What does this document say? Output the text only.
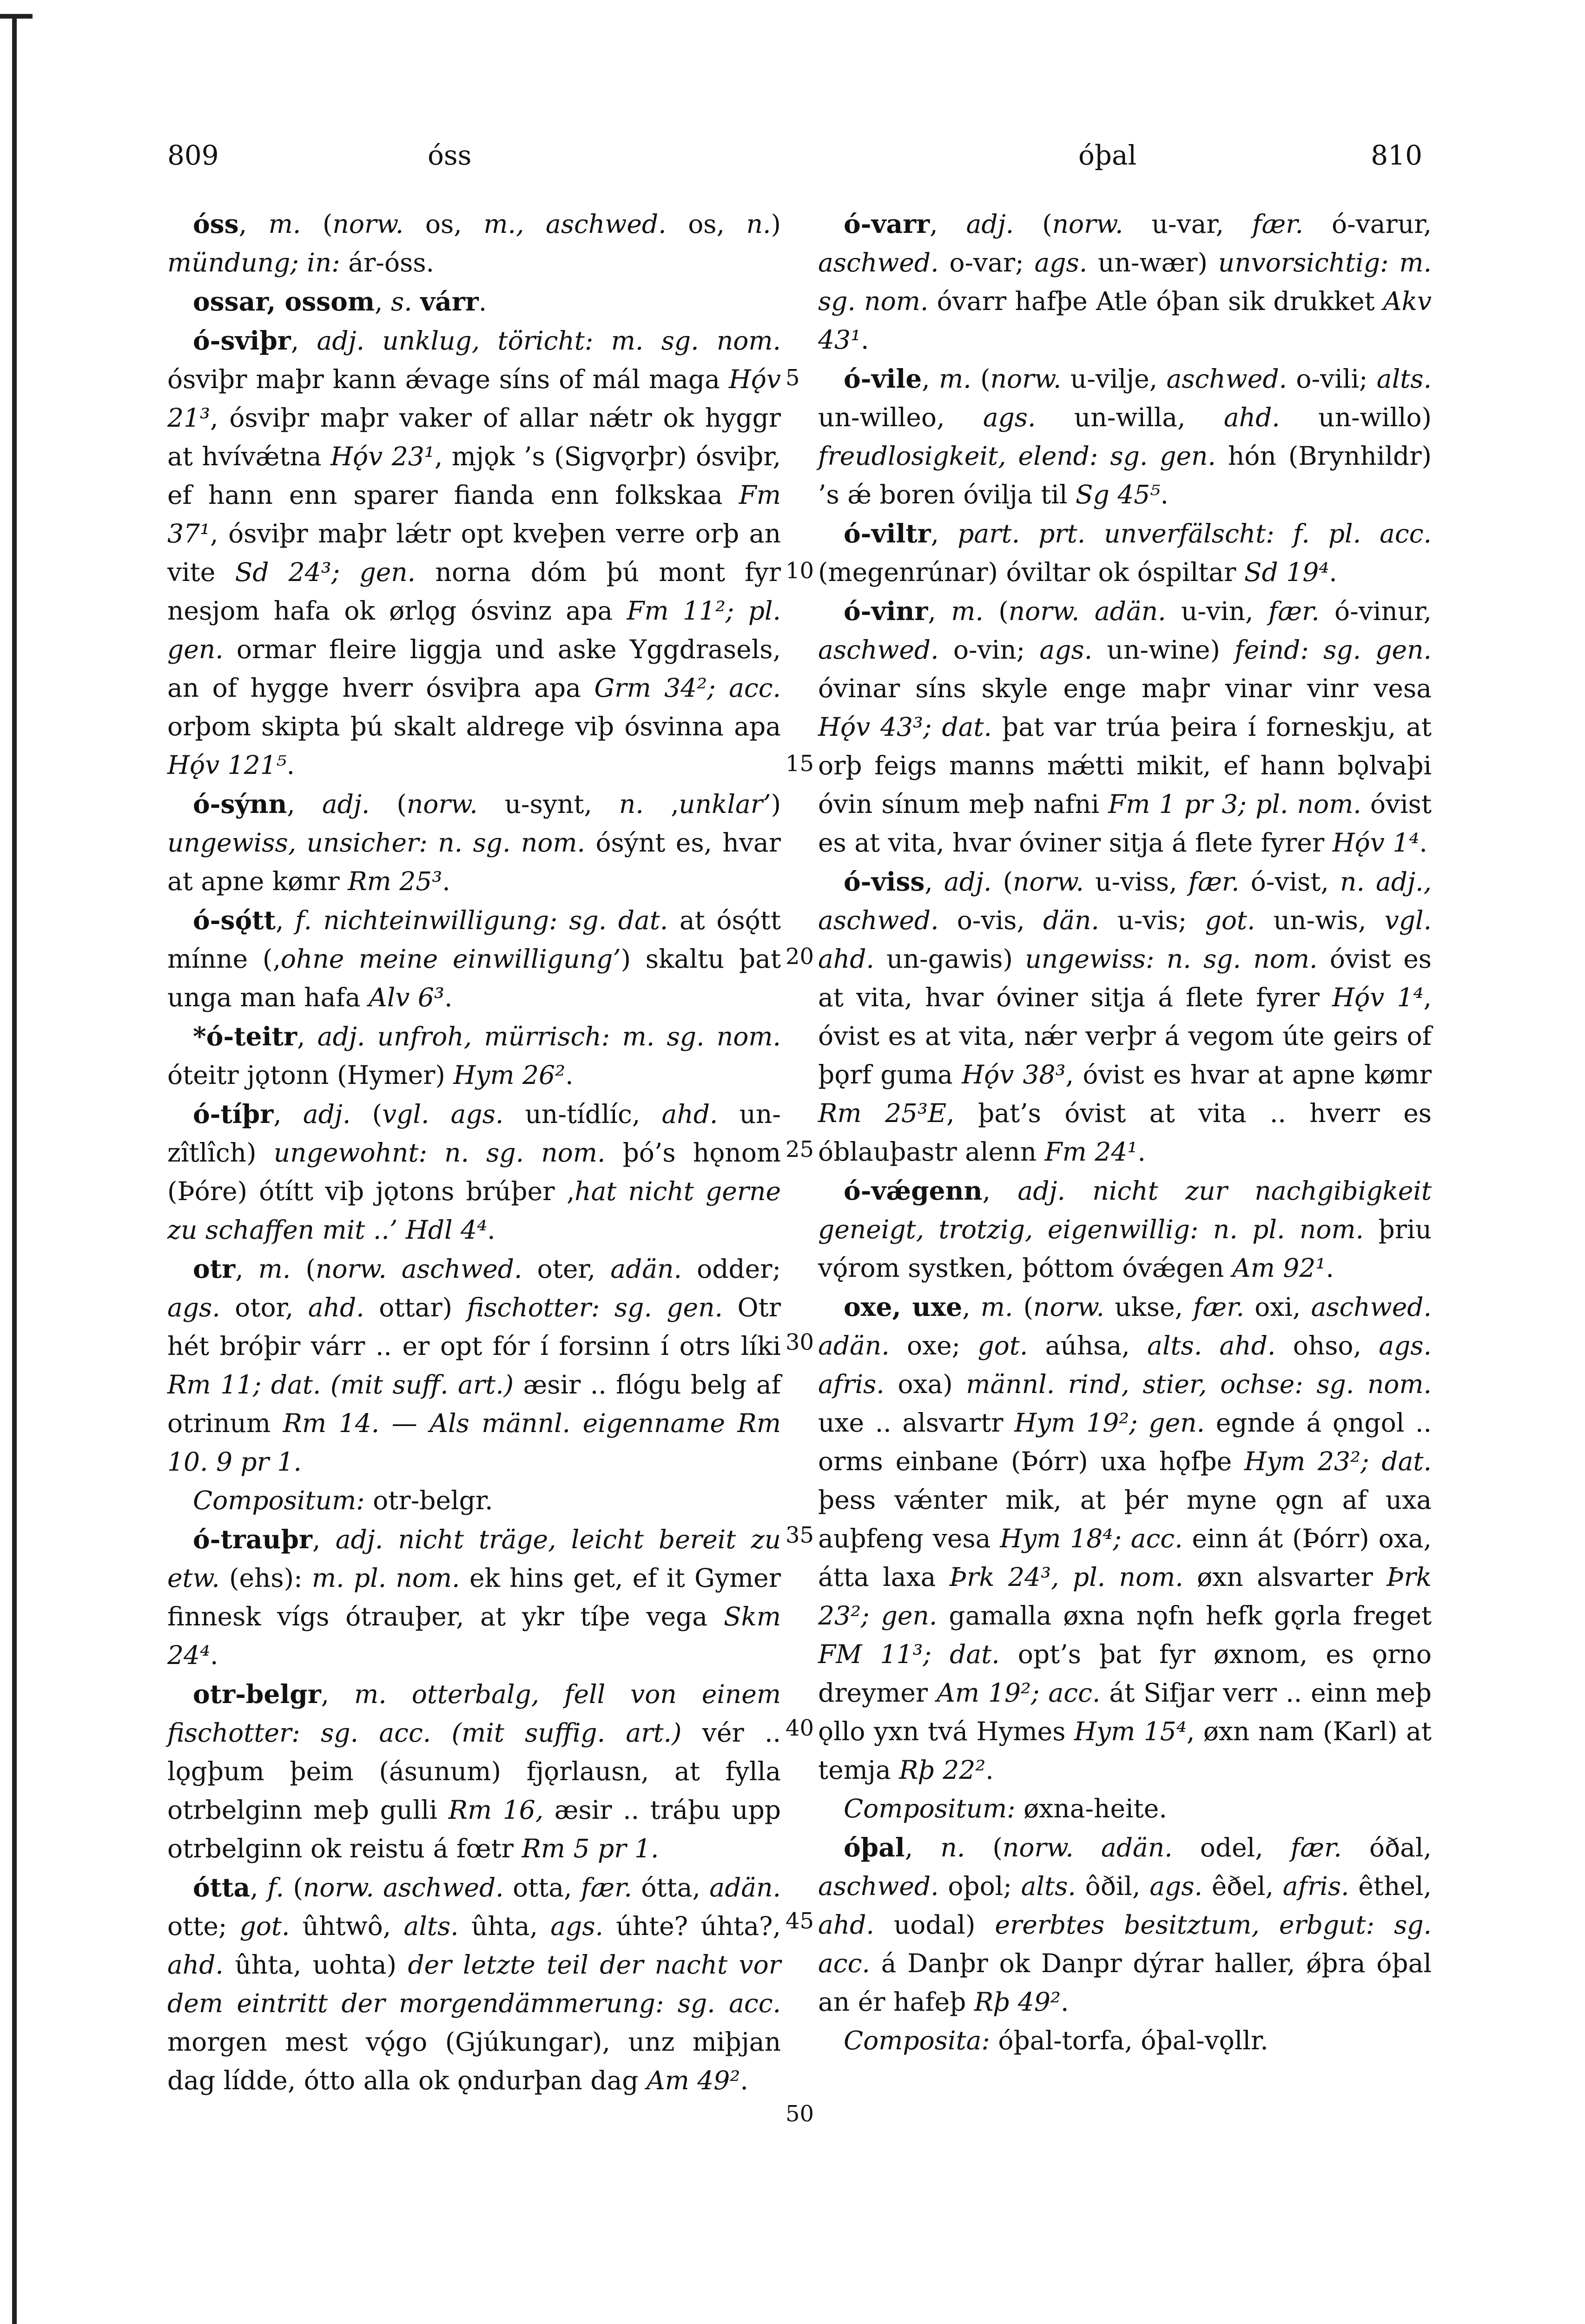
809	óss	óþal	810

óss, m. (norw. os, m., aschwed. os, n.) mündung; in: ár-óss.

ossar, ossom, s. várr.

ó-sviþr, adj. unklug, töricht: m. sg. nom. ósviþr maþr kann ǽvage síns of mál maga Hǫ́v 21³, ósviþr maþr vaker of allar nǽtr ok hyggr at hvívǽtna Hǫ́v 23¹, mjǫk ’s (Sigvǫrþr) ósviþr, ef hann enn sparer fianda enn folkskaa Fm 37¹, ósviþr maþr lǽtr opt kveþen verre orþ an vite Sd 24³; gen. norna dóm þú mont fyr nesjom hafa ok ørlǫg ósvinz apa Fm 11²; pl. gen. ormar fleire liggja und aske Yggdrasels, an of hygge hverr ósviþra apa Grm 34²; acc. orþom skipta þú skalt aldrege viþ ósvinna apa Hǫ́v 121⁵.

ó-sýnn, adj. (norw. u-synt, n. ‚unklar’) ungewiss, unsicher: n. sg. nom. ósýnt es, hvar at apne kømr Rm 25³.

ó-sǫ́tt, f. nichteinwilligung: sg. dat. at ósǫ́tt mínne (‚ohne meine einwilligung’) skaltu þat unga man hafa Alv 6³.

*ó-teitr, adj. unfroh, mürrisch: m. sg. nom. óteitr jǫtonn (Hymer) Hym 26².

ó-tíþr, adj. (vgl. ags. un-tídlíc, ahd. un-zîtlîch) ungewohnt: n. sg. nom. þó’s hǫnom (Þóre) ótítt viþ jǫtons brúþer ‚hat nicht gerne zu schaffen mit ..’ Hdl 4⁴.

otr, m. (norw. aschwed. oter, adän. odder; ags. otor, ahd. ottar) fischotter: sg. gen. Otr hét bróþir várr .. er opt fór í forsinn í otrs líki Rm 11; dat. (mit suff. art.) æsir .. flógu belg af otrinum Rm 14. — Als männl. eigenname Rm 10. 9 pr 1.

Compositum: otr-belgr.

ó-trauþr, adj. nicht träge, leicht bereit zu etw. (ehs): m. pl. nom. ek hins get, ef it Gymer finnesk vígs ótrauþer, at ykr tíþe vega Skm 24⁴.

otr-belgr, m. otterbalg, fell von einem fischotter: sg. acc. (mit suffig. art.) vér .. lǫgþum þeim (ásunum) fjǫrlausn, at fylla otrbelginn meþ gulli Rm 16, æsir .. tráþu upp otrbelginn ok reistu á fœtr Rm 5 pr 1.

ótta, f. (norw. aschwed. otta, fær. ótta, adän. otte; got. ûhtwô, alts. ûhta, ags. úhte? úhta?, ahd. ûhta, uohta) der letzte teil der nacht vor dem eintritt der morgendämmerung: sg. acc. morgen mest vǫ́go (Gjúkungar), unz miþjan dag lídde, ótto alla ok ǫndurþan dag Am 49².

5
10
15
20
25
30
35
40
45
50

ó-varr, adj. (norw. u-var, fær. ó-varur, aschwed. o-var; ags. un-wær) unvorsichtig: m. sg. nom. óvarr hafþe Atle óþan sik drukket Akv 43¹.

ó-vile, m. (norw. u-vilje, aschwed. o-vili; alts. un-willeo, ags. un-willa, ahd. un-willo) freudlosigkeit, elend: sg. gen. hón (Brynhildr) ’s ǽ boren óvilja til Sg 45⁵.

ó-viltr, part. prt. unverfälscht: f. pl. acc. (megenrúnar) óviltar ok óspiltar Sd 19⁴.

ó-vinr, m. (norw. adän. u-vin, fær. ó-vinur, aschwed. o-vin; ags. un-wine) feind: sg. gen. óvinar síns skyle enge maþr vinar vinr vesa Hǫ́v 43³; dat. þat var trúa þeira í forneskju, at orþ feigs manns mǽtti mikit, ef hann bǫlvaþi óvin sínum meþ nafni Fm 1 pr 3; pl. nom. óvist es at vita, hvar óviner sitja á flete fyrer Hǫ́v 1⁴.

ó-viss, adj. (norw. u-viss, fær. ó-vist, n. adj., aschwed. o-vis, dän. u-vis; got. un-wis, vgl. ahd. un-gawis) ungewiss: n. sg. nom. óvist es at vita, hvar óviner sitja á flete fyrer Hǫ́v 1⁴, óvist es at vita, nǽr verþr á vegom úte geirs of þǫrf guma Hǫ́v 38³, óvist es hvar at apne kømr Rm 25³E, þat’s óvist at vita .. hverr es óblauþastr alenn Fm 24¹.

ó-vǽgenn, adj. nicht zur nachgibigkeit geneigt, trotzig, eigenwillig: n. pl. nom. þriu vǫ́rom systken, þóttom óvǽgen Am 92¹.

oxe, uxe, m. (norw. ukse, fær. oxi, aschwed. adän. oxe; got. aúhsa, alts. ahd. ohso, ags. afris. oxa) männl. rind, stier, ochse: sg. nom. uxe .. alsvartr Hym 19²; gen. egnde á ǫngol .. orms einbane (Þórr) uxa hǫfþe Hym 23²; dat. þess vǽnter mik, at þér myne ǫgn af uxa auþfeng vesa Hym 18⁴; acc. einn át (Þórr) oxa, átta laxa Þrk 24³, pl. nom. øxn alsvarter Þrk 23²; gen. gamalla øxna nǫfn hefk gǫrla freget FM 11³; dat. opt’s þat fyr øxnom, es ǫrno dreymer Am 19²; acc. át Sifjar verr .. einn meþ ǫllo yxn tvá Hymes Hym 15⁴, øxn nam (Karl) at temja Rþ 22².

Compositum: øxna-heite.

óþal, n. (norw. adän. odel, fær. óðal, aschwed. oþol; alts. ôðil, ags. êðel, afris. êthel, ahd. uodal) ererbtes besitztum, erbgut: sg. acc. á Danþr ok Danpr dýrar haller, ǿþra óþal an ér hafeþ Rþ 49².

Composita: óþal-torfa, óþal-vǫllr.
